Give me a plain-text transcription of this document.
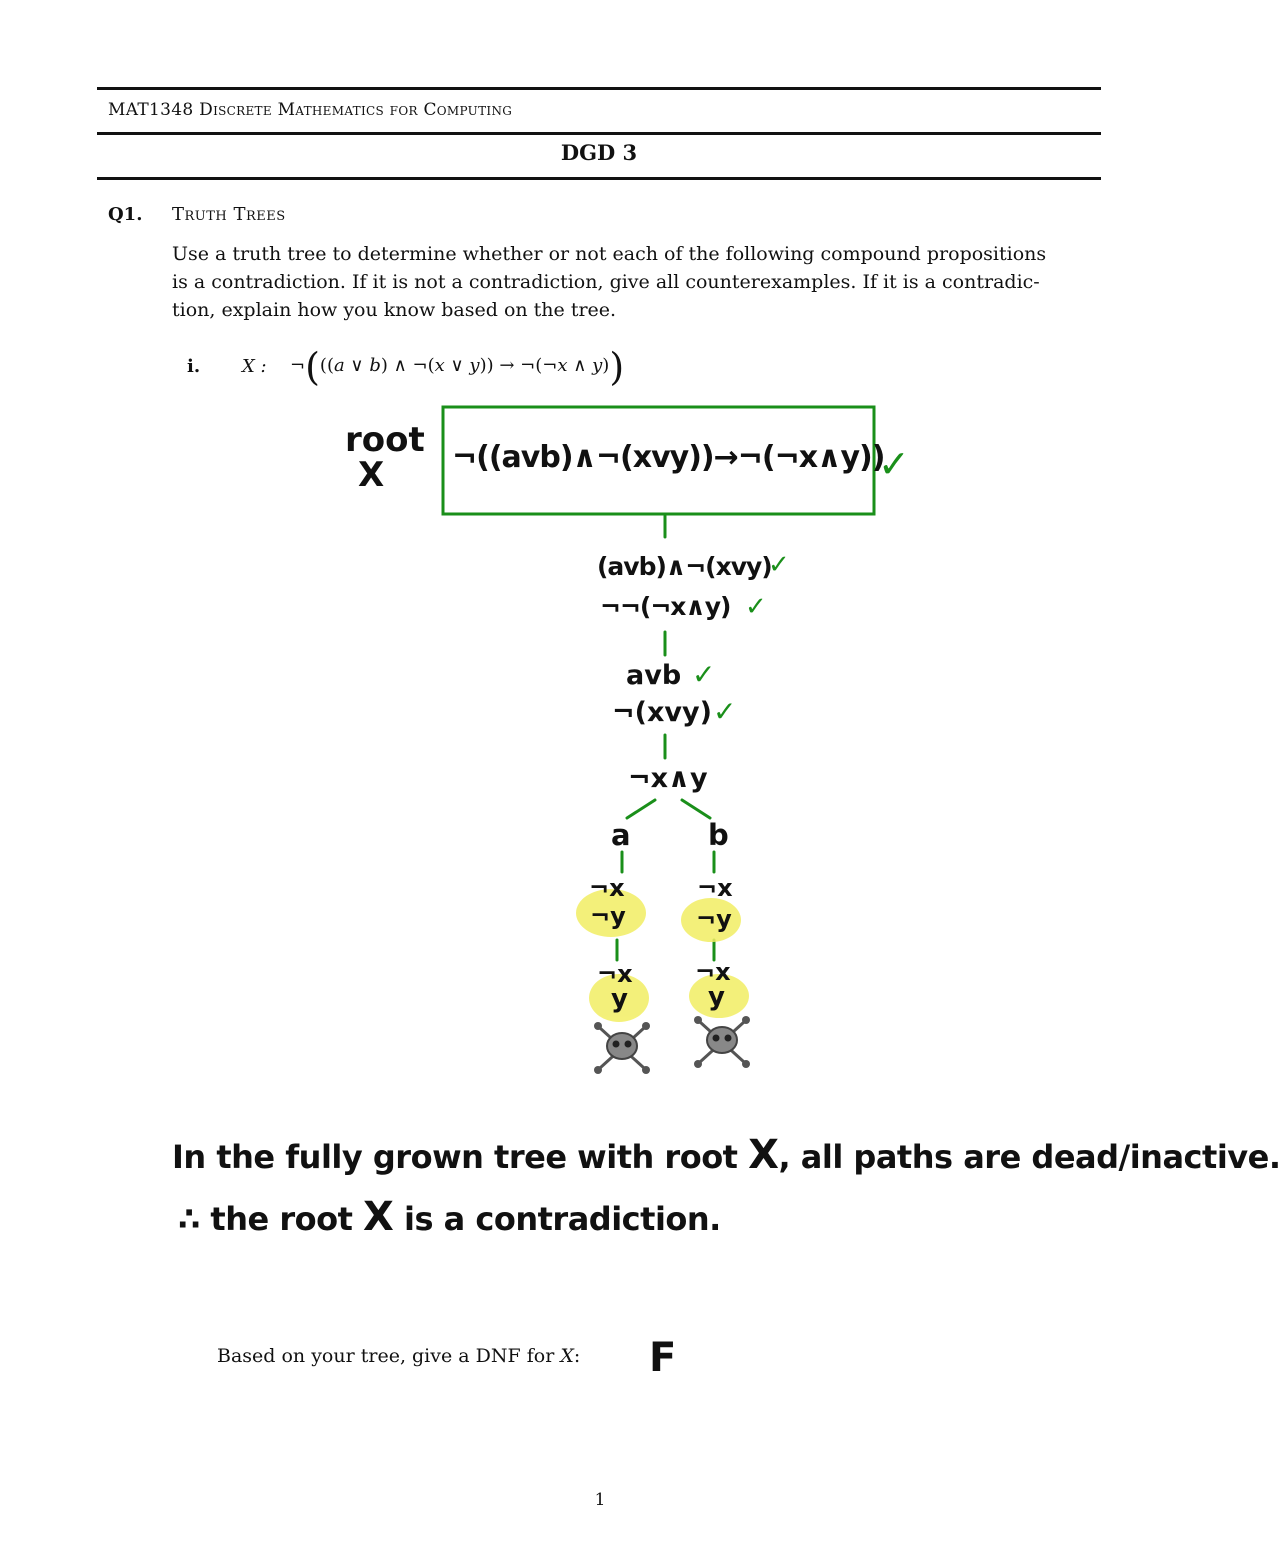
MAT1348 Discrete Mathematics for Computing
DGD 3
Q1. Truth Trees
Use a truth tree to determine whether or not each of the following compound propositions
is a contradiction. If it is not a contradiction, give all counterexamples. If it is a contradic-
tion, explain how you know based on the tree.
i. X : ¬(((a ∨ b) ∧ ¬(x ∨ y)) → ¬(¬x ∧ y))
root
X ¬((avb)∧¬(xvy))→¬(¬x∧y))
✓
(avb)∧¬(xvy)
✓
¬¬(¬x∧y) ✓
avb ✓
¬(xvy) ✓
¬x∧y
a	b
¬x
¬y
¬x
¬y
¬x
y
¬x
y
In the fully grown tree with root X, all paths are dead/inactive.
∴ the root X is a contradiction.
Based on your tree, give a DNF for X: F
1
